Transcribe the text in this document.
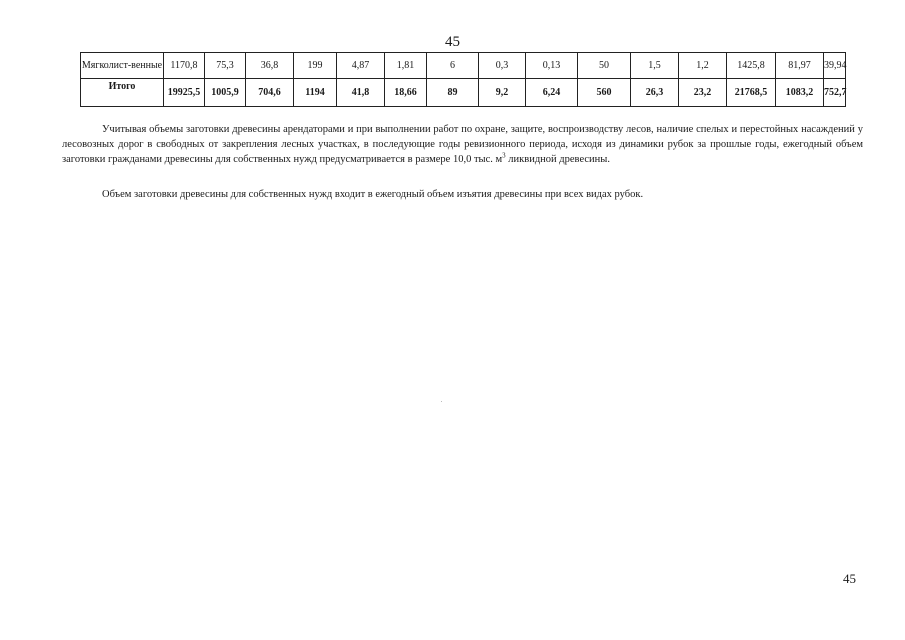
45
Мягколист-венные	1170,8	75,3	36,8	199	4,87	1,81	6	0,3	0,13	50	1,5	1,2	1425,8	81,97	39,94
Итого	19925,5	1005,9	704,6	1194	41,8	18,66	89	9,2	6,24	560	26,3	23,2	21768,5	1083,2	752,7

Учитывая объемы заготовки древесины арендаторами и при выполнении работ по охране, защите, воспроизводству лесов, наличие спелых и перестойных насаждений у лесовозных дорог в свободных от закрепления лесных участках, в последующие годы ревизионного периода, исходя из динамики рубок за прошлые годы, ежегодный объем заготовки гражданами древесины для собственных нужд предусматривается в размере 10,0 тыс. $м^3$ ликвидной древесины.

Объем заготовки древесины для собственных нужд входит в ежегодный объем изъятия древесины при всех видах рубок.

45
